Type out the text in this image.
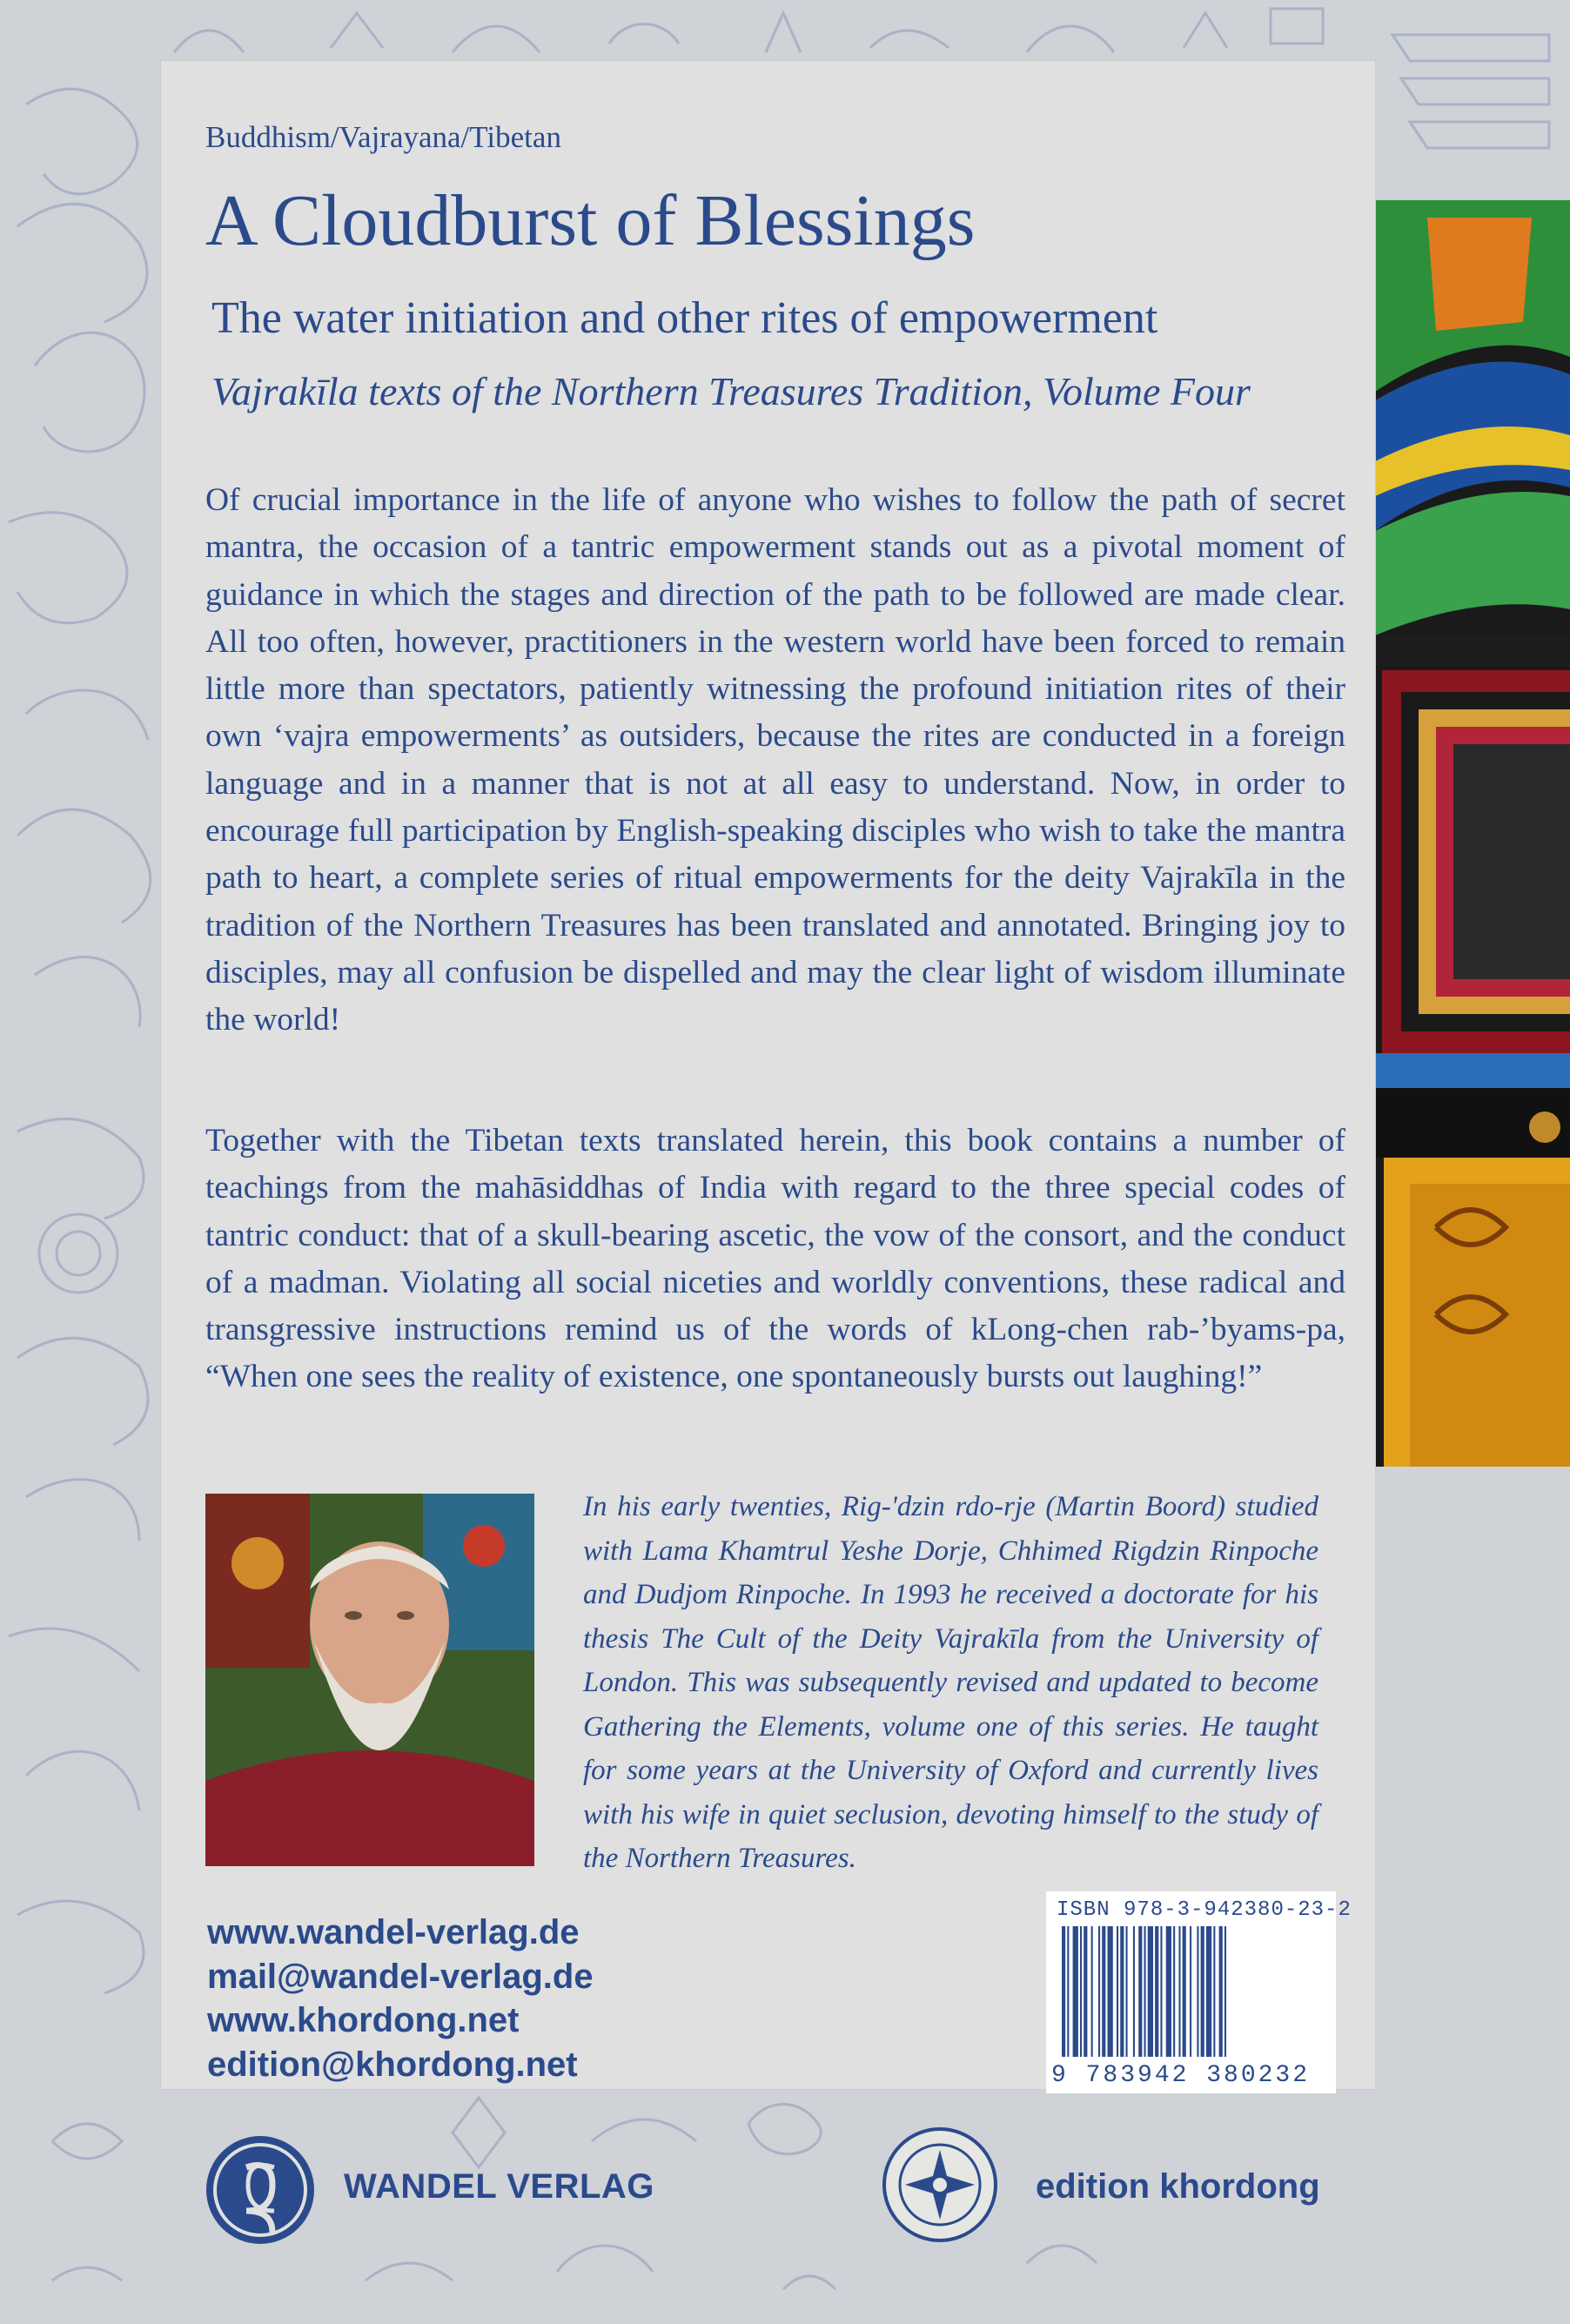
Buddhism/Vajrayana/Tibetan
A Cloudburst of Blessings
The water initiation and other rites of empowerment
Vajrakīla texts of the Northern Treasures Tradition, Volume Four
Of crucial importance in the life of anyone who wishes to follow the path of secret mantra, the occasion of a tantric empowerment stands out as a pivotal moment of guidance in which the stages and direction of the path to be followed are made clear. All too often, however, practitioners in the western world have been forced to remain little more than spectators, patiently witnessing the profound initiation rites of their own ‘vajra empowerments’ as outsiders, because the rites are conducted in a foreign language and in a manner that is not at all easy to understand. Now, in order to encourage full participation by English-speaking disciples who wish to take the mantra path to heart, a complete series of ritual empowerments for the deity Vajrakīla in the tradition of the Northern Treasures has been translated and annotated. Bringing joy to disciples, may all confusion be dispelled and may the clear light of wisdom illuminate the world!
Together with the Tibetan texts translated herein, this book contains a number of teachings from the mahāsiddhas of India with regard to the three special codes of tantric conduct: that of a skull-bearing ascetic, the vow of the consort, and the conduct of a madman. Violating all social niceties and worldly conventions, these radical and transgressive instructions remind us of the words of kLong-chen rab-’byams-pa, “When one sees the reality of existence, one spontaneously bursts out laughing!”
In his early twenties, Rig-'dzin rdo-rje (Martin Boord) studied with Lama Khamtrul Yeshe Dorje, Chhimed Rigdzin Rinpoche and Dudjom Rinpoche. In 1993 he received a doctorate for his thesis The Cult of the Deity Vajrakīla from the University of London. This was subsequently revised and updated to become Gathering the Elements, volume one of this series. He taught for some years at the University of Oxford and currently lives with his wife in quiet seclusion, devoting himself to the study of the Northern Treasures.
www.wandel-verlag.de
mail@wandel-verlag.de
www.khordong.net
edition@khordong.net
ISBN 978-3-942380-23-2
9 783942 380232
WANDEL VERLAG	edition khordong
